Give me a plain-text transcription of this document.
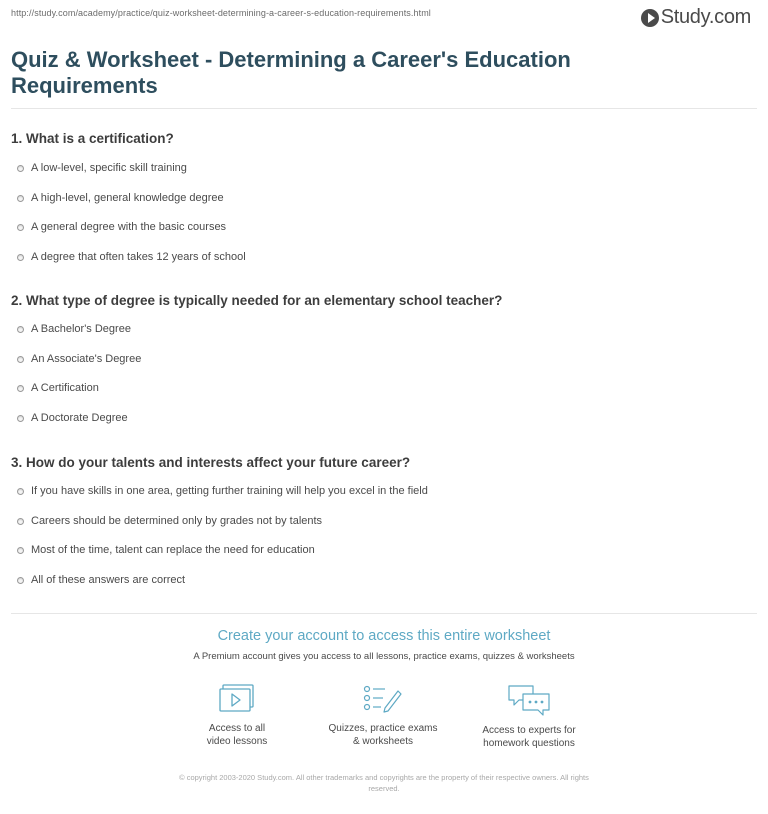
http://study.com/academy/practice/quiz-worksheet-determining-a-career-s-education-requirements.html	Study.com
Quiz & Worksheet - Determining a Career's Education Requirements
1. What is a certification?
A low-level, specific skill training
A high-level, general knowledge degree
A general degree with the basic courses
A degree that often takes 12 years of school
2. What type of degree is typically needed for an elementary school teacher?
A Bachelor's Degree
An Associate's Degree
A Certification
A Doctorate Degree
3. How do your talents and interests affect your future career?
If you have skills in one area, getting further training will help you excel in the field
Careers should be determined only by grades not by talents
Most of the time, talent can replace the need for education
All of these answers are correct
Create your account to access this entire worksheet
A Premium account gives you access to all lessons, practice exams, quizzes & worksheets
Access to all
video lessons
Quizzes, practice exams
& worksheets
Access to experts for
homework questions
© copyright 2003-2020 Study.com. All other trademarks and copyrights are the property of their respective owners. All rights
reserved.
